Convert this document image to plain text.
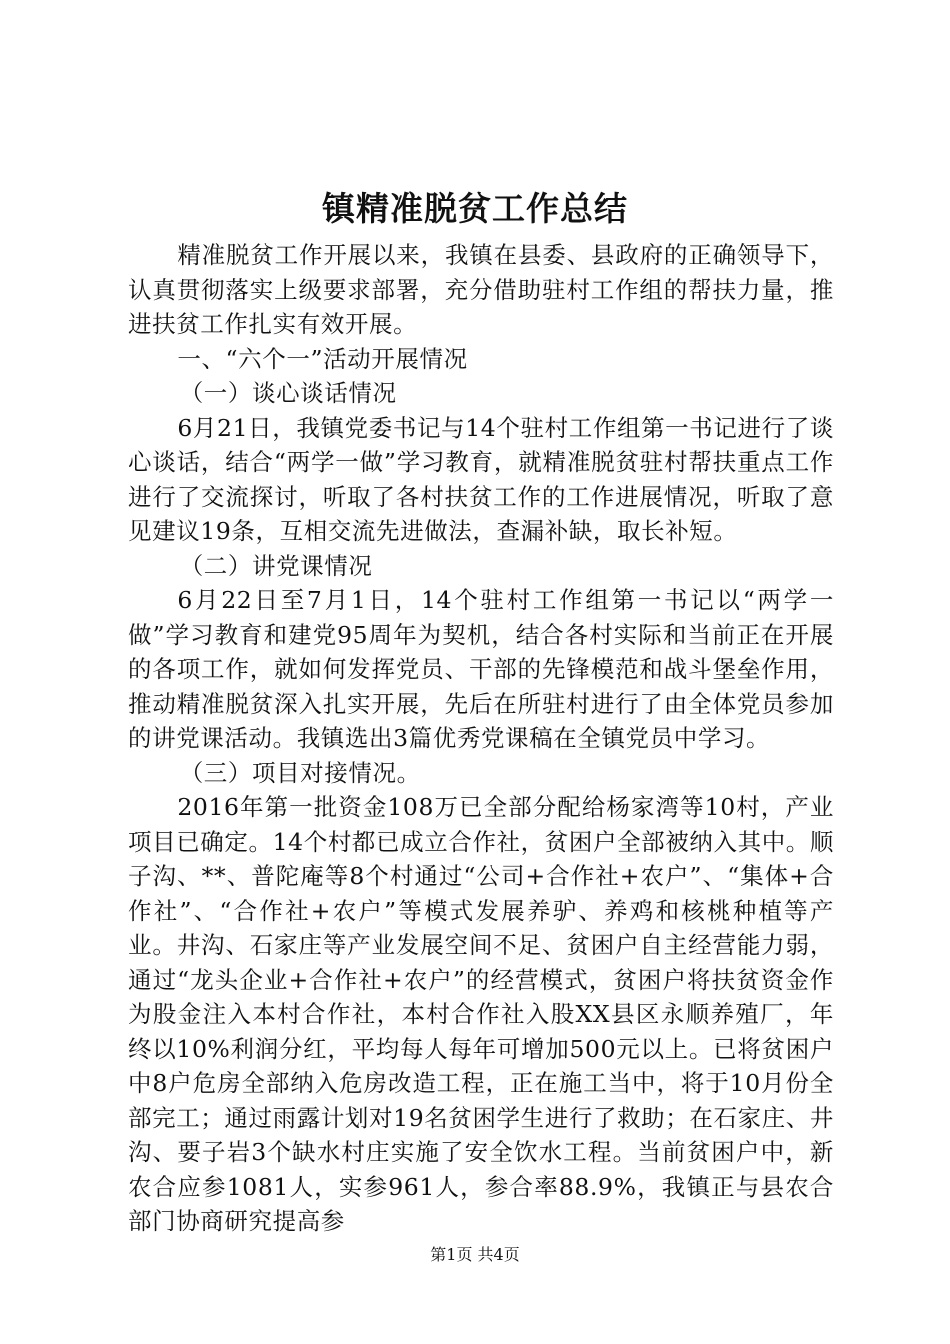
镇精准脱贫工作总结

精准脱贫工作开展以来，我镇在县委、县政府的正确领导下，认真贯彻落实上级要求部署，充分借助驻村工作组的帮扶力量，推进扶贫工作扎实有效开展。

一、“六个一”活动开展情况

（一）谈心谈话情况

6月21日，我镇党委书记与14个驻村工作组第一书记进行了谈心谈话，结合“两学一做”学习教育，就精准脱贫驻村帮扶重点工作进行了交流探讨，听取了各村扶贫工作的工作进展情况，听取了意见建议19条，互相交流先进做法，查漏补缺，取长补短。

（二）讲党课情况

6月22日至7月1日，14个驻村工作组第一书记以“两学一做”学习教育和建党95周年为契机，结合各村实际和当前正在开展的各项工作，就如何发挥党员、干部的先锋模范和战斗堡垒作用，推动精准脱贫深入扎实开展，先后在所驻村进行了由全体党员参加的讲党课活动。我镇选出3篇优秀党课稿在全镇党员中学习。

（三）项目对接情况。

2016年第一批资金108万已全部分配给杨家湾等10村，产业项目已确定。14个村都已成立合作社，贫困户全部被纳入其中。顺子沟、**、普陀庵等8个村通过“公司+合作社+农户”、“集体+合作社”、“合作社+农户”等模式发展养驴、养鸡和核桃种植等产业。井沟、石家庄等产业发展空间不足、贫困户自主经营能力弱，通过“龙头企业+合作社+农户”的经营模式，贫困户将扶贫资金作为股金注入本村合作社，本村合作社入股XX县区永顺养殖厂，年终以10%利润分红，平均每人每年可增加500元以上。已将贫困户中8户危房全部纳入危房改造工程，正在施工当中，将于10月份全部完工；通过雨露计划对19名贫困学生进行了救助；在石家庄、井沟、要子岩3个缺水村庄实施了安全饮水工程。当前贫困户中，新农合应参1081人，实参961人，参合率88.9%，我镇正与县农合部门协商研究提高参

第1页 共4页
